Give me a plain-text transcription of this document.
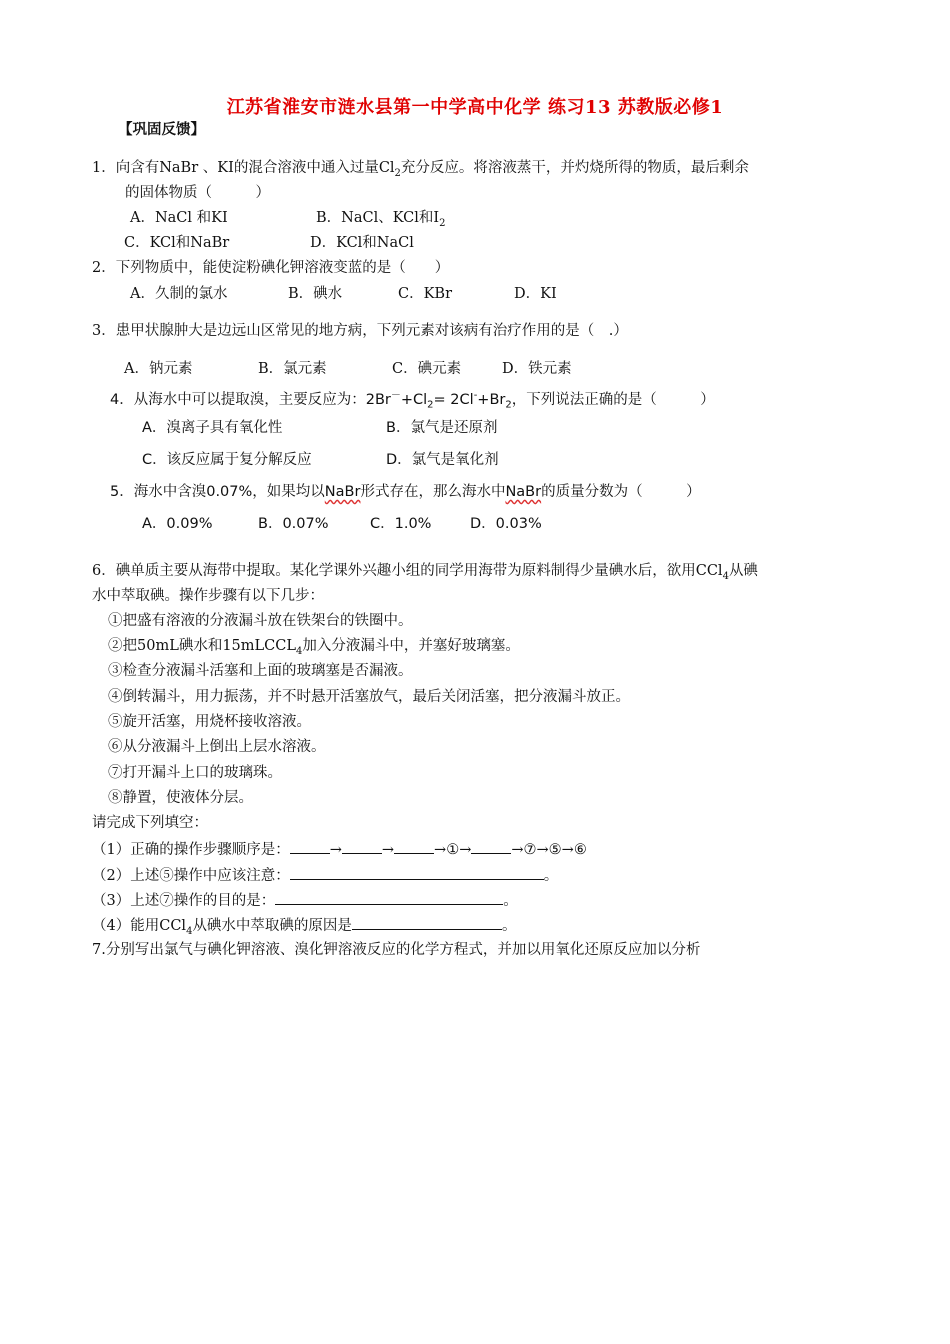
江苏省淮安市涟水县第一中学高中化学 练习13 苏教版必修1
【巩固反馈】
1．向含有NaBr 、KI的混合溶液中通入过量$Cl_2$充分反应。将溶液蒸干，并灼烧所得的物质，最后剩余
的固体物质（　　　）
A．NaCl 和KI	B．NaCl、KCl和$I_2$
C．KCl和NaBr	D．KCl和NaCl
2．下列物质中，能使淀粉碘化钾溶液变蓝的是（　　）
A．久制的氯水	B．碘水	C．KBr	D．KI
3．患甲状腺肿大是边远山区常见的地方病，下列元素对该病有治疗作用的是（　.）
A．钠元素	B．氯元素	C．碘元素	D．铁元素
4．从海水中可以提取溴，主要反应为：$2Br^-+Cl_2= 2Cl^-+Br_2$，下列说法正确的是（　　　）
A．溴离子具有氧化性	B．氯气是还原剂
C．该反应属于复分解反应	D．氯气是氧化剂
5．海水中含溴0.07%，如果均以NaBr形式存在，那么海水中NaBr的质量分数为（　　　）
A．0.09%	B．0.07%	C．1.0%	D．0.03%
6．碘单质主要从海带中提取。某化学课外兴趣小组的同学用海带为原料制得少量碘水后，欲用CCl$_4$从碘
水中萃取碘。操作步骤有以下几步：
①把盛有溶液的分液漏斗放在铁架台的铁圈中。
②把50mL碘水和15mLCCL$_4$加入分液漏斗中，并塞好玻璃塞。
③检查分液漏斗活塞和上面的玻璃塞是否漏液。
④倒转漏斗，用力振荡，并不时悬开活塞放气，最后关闭活塞，把分液漏斗放正。
⑤旋开活塞，用烧杯接收溶液。
⑥从分液漏斗上倒出上层水溶液。
⑦打开漏斗上口的玻璃珠。
⑧静置，使液体分层。
请完成下列填空：
（1）正确的操作步骤顺序是：	→	→	→①→	→⑦→⑤→⑥
（2）上述⑤操作中应该注意：	。
（3）上述⑦操作的目的是：	。
（4）能用CCl$_4$从碘水中萃取碘的原因是	。
7.分别写出氯气与碘化钾溶液、溴化钾溶液反应的化学方程式，并加以用氧化还原反应加以分析
